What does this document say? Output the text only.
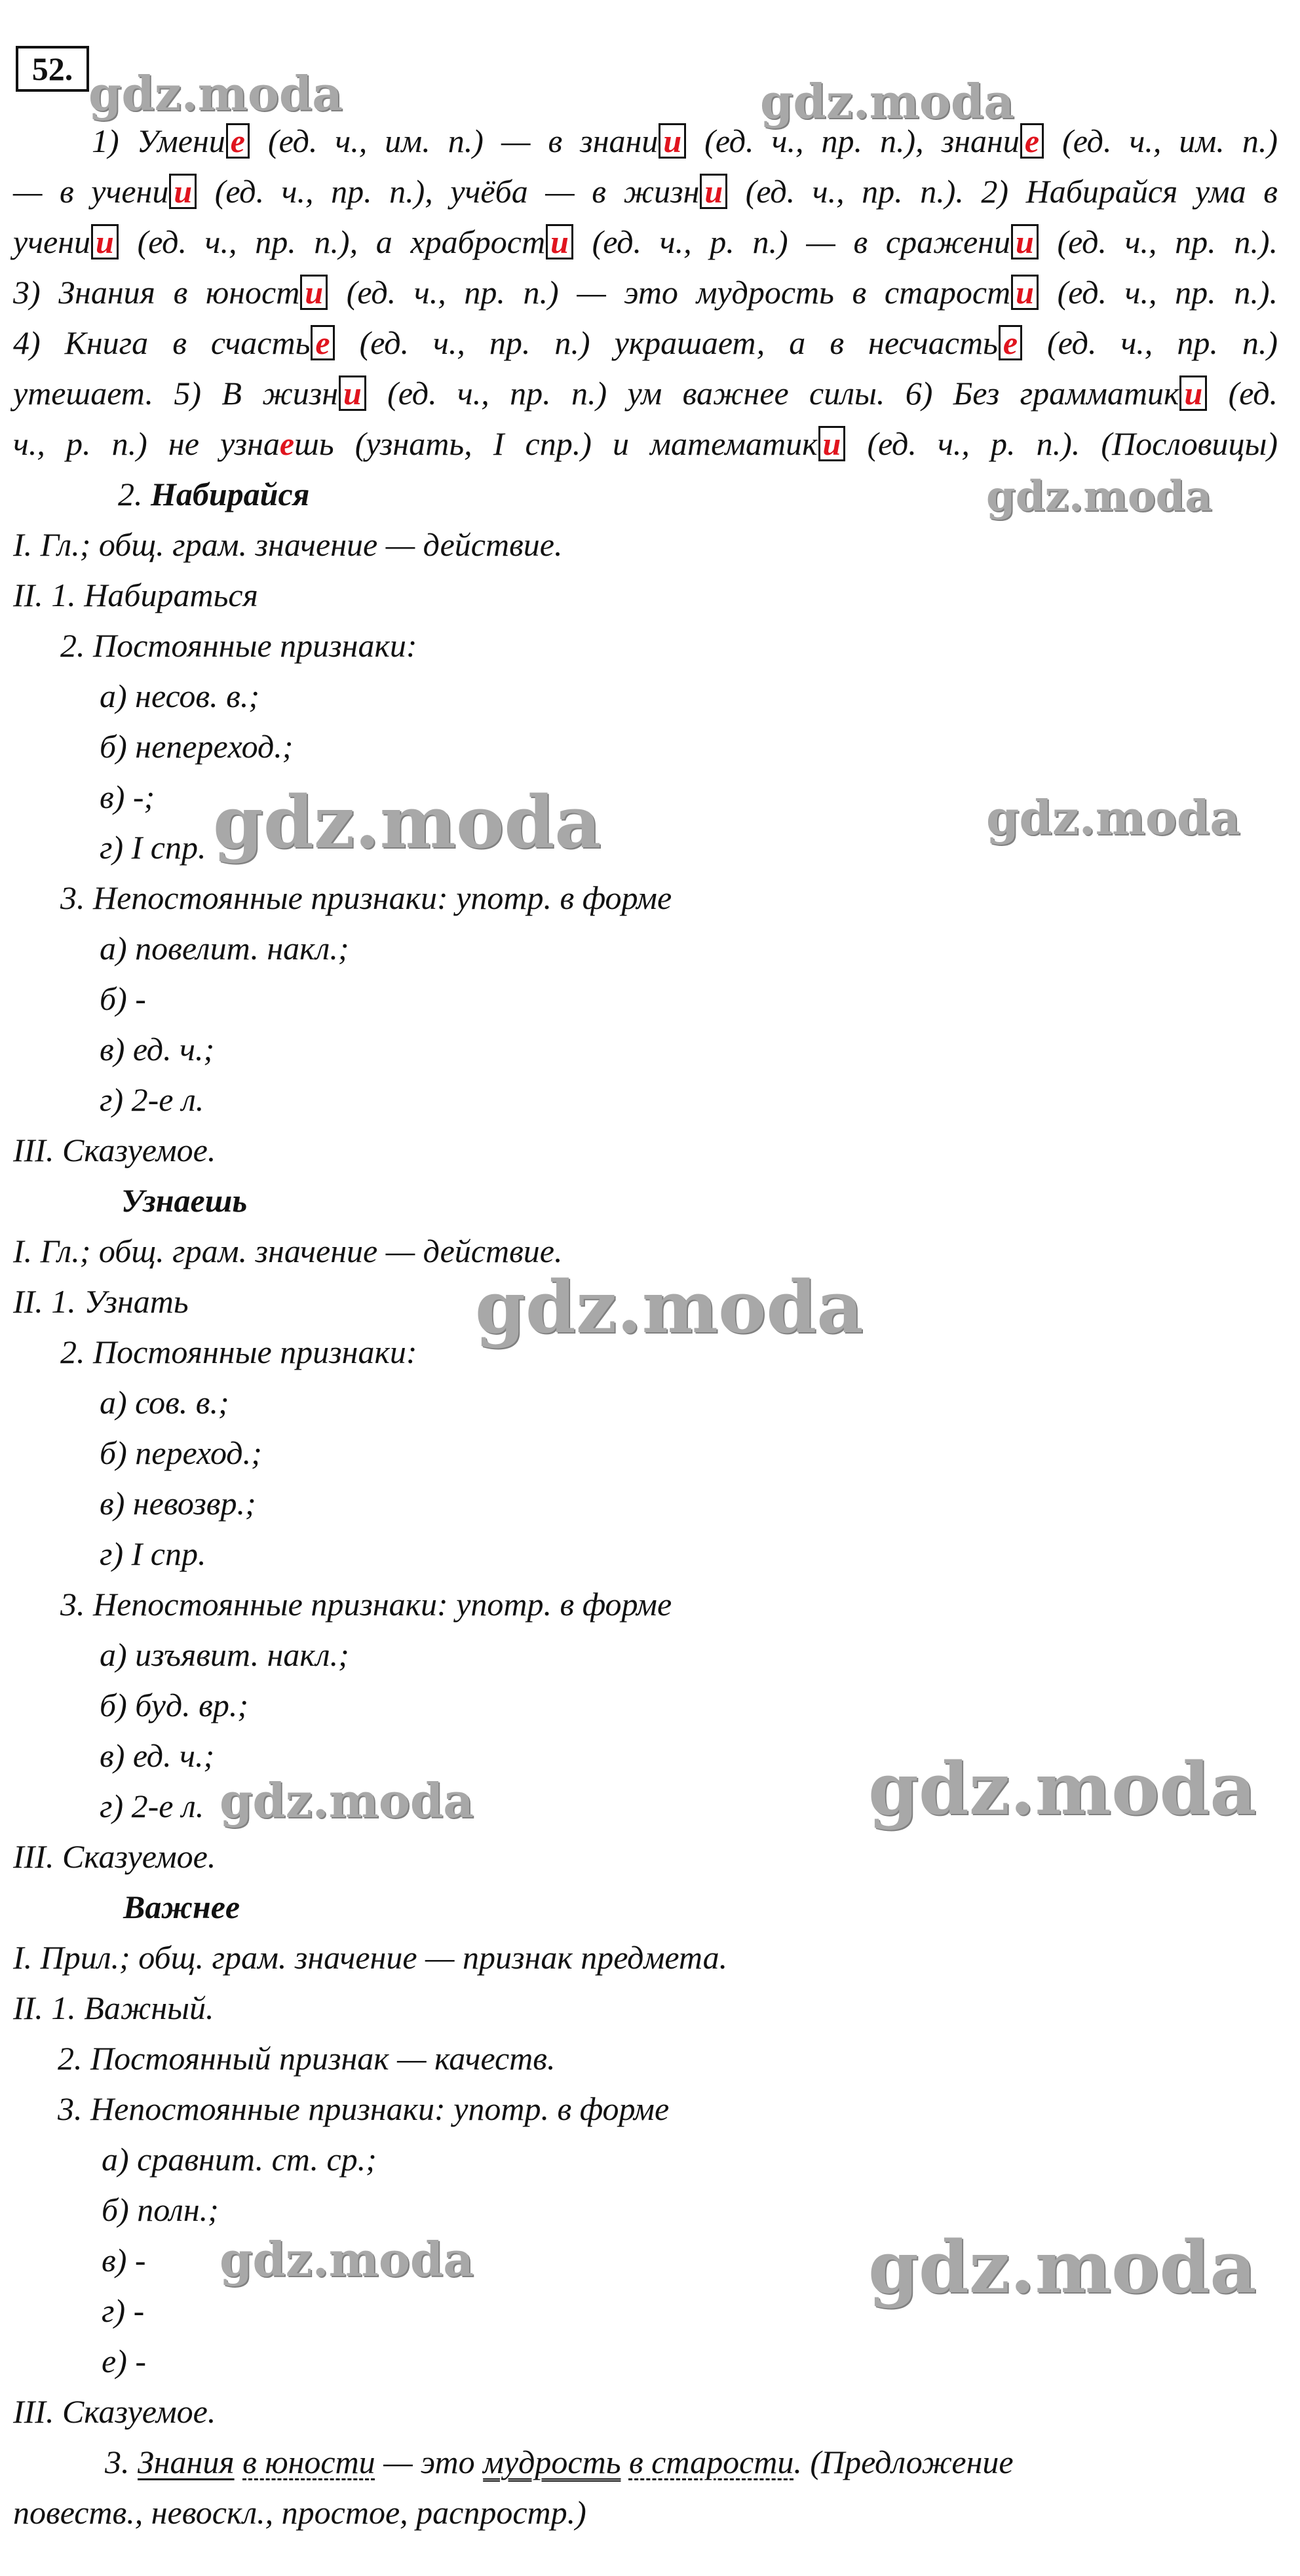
52.
1) Умени е (ед. ч., им. п.) — в знани и (ед. ч., пр. п.), знани е (ед. ч., им. п.)
— в учени и (ед. ч., пр. п.), учёба — в жизн и (ед. ч., пр. п.). 2) Набирайся ума в
учени и (ед. ч., пр. п.), а храброст и (ед. ч., р. п.) — в сражени и (ед. ч., пр. п.).
3) Знания в юност и (ед. ч., пр. п.) — это мудрость в старост и (ед. ч., пр. п.).
4) Книга в счасть е (ед. ч., пр. п.) украшает, а в несчасть е (ед. ч., пр. п.)
утешает. 5) В жизн и (ед. ч., пр. п.) ум важнее силы. 6) Без грамматик и (ед.
ч., р. п.) не узнаешь (узнать, I спр.) и математик и (ед. ч., р. п.). (Пословицы)
2. Набирайся
I. Гл.; общ. грам. значение — действие.
II. 1. Набираться
2. Постоянные признаки:
а) несов. в.;
б) неперeход.;
в) -;
г) I спр.
3. Непостоянные признаки: употр. в форме
а) повелит. накл.;
б) -
в) ед. ч.;
г) 2-е л.
III. Сказуемое.
Узнаешь
I. Гл.; общ. грам. значение — действие.
II. 1. Узнать
2. Постоянные признаки:
а) сов. в.;
б) переход.;
в) невозвр.;
г) I спр.
3. Непостоянные признаки: употр. в форме
а) изъявит. накл.;
б) буд. вр.;
в) ед. ч.;
г) 2-е л.
III. Сказуемое.
Важнее
I. Прил.; общ. грам. значение — признак предмета.
II. 1. Важный.
2. Постоянный признак — качеств.
3. Непостоянные признаки: употр. в форме
а) сравнит. ст. ср.;
б) полн.;
в) -
г) -
е) -
III. Сказуемое.
3. Знания в юности — это мудрость в старости. (Предложение
повеств., невоскл., простое, распростр.)
gdz.moda	gdz.moda
gdz.moda
gdz.moda	gdz.moda
gdz.moda
gdz.moda
gdz.moda
gdz.moda	gdz.moda
